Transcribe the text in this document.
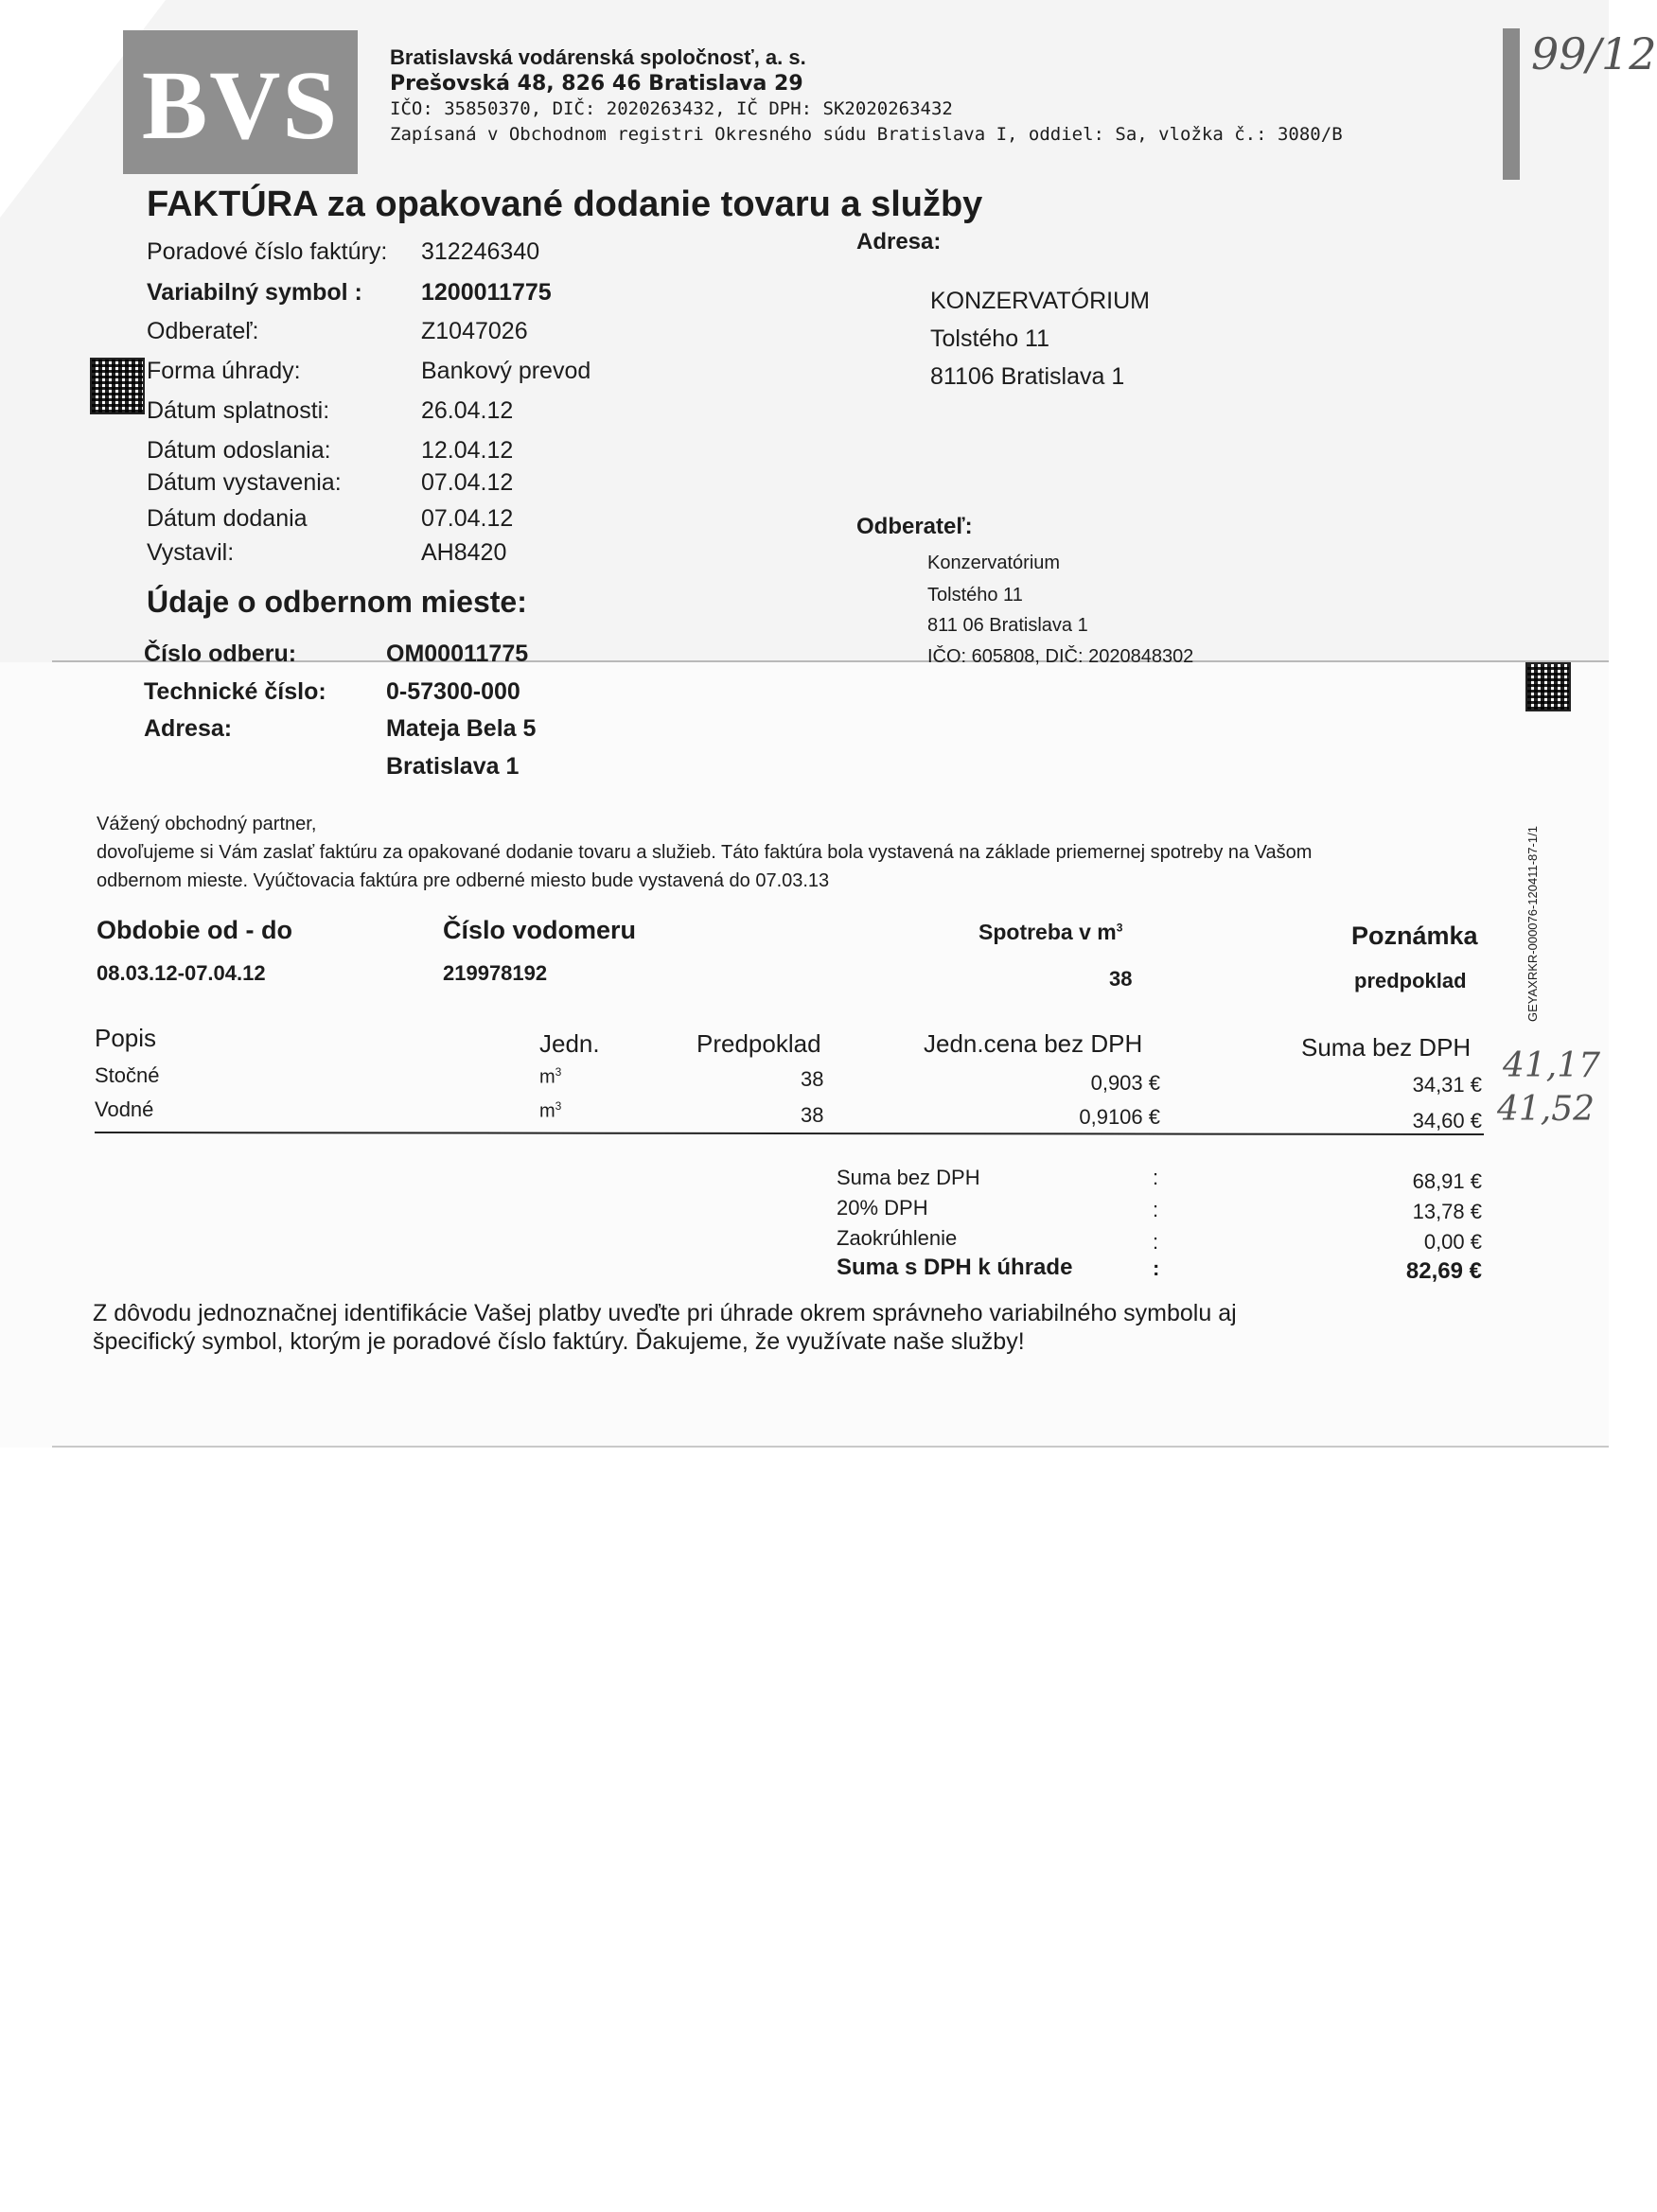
BVS	Bratislavská vodárenská spoločnosť, a. s.
Prešovská 48, 826 46 Bratislava 29
IČO: 35850370, DIČ: 2020263432, IČ DPH: SK2020263432
Zapísaná v Obchodnom registri Okresného súdu Bratislava I, oddiel: Sa, vložka č.: 3080/B
99/12
FAKTÚRA za opakované dodanie tovaru a služby
Poradové číslo faktúry: 312246340
Variabilný symbol : 1200011775
Odberateľ:	Z1047026
Forma úhrady:	Bankový prevod
Dátum splatnosti:	26.04.12
Dátum odoslania:	12.04.12
Dátum vystavenia:	07.04.12
Dátum dodania	07.04.12
Vystavil:	AH8420
Adresa:
KONZERVATÓRIUM
Tolstého 11
81106 Bratislava 1
Odberateľ:
Konzervatórium
Tolstého 11
811 06 Bratislava 1
IČO: 605808, DIČ: 2020848302
Údaje o odbernom mieste:
Číslo odberu:	OM00011775
Technické číslo:	0-57300-000
Adresa:	Mateja Bela 5
Bratislava 1
GEYAXRKR-000076-120411-87-1/1
Vážený obchodný partner,
dovoľujeme si Vám zaslať faktúru za opakované dodanie tovaru a služieb. Táto faktúra bola vystavená na základe priemernej spotreby na Vašom
odbernom mieste. Vyúčtovacia faktúra pre odberné miesto bude vystavená do 07.03.13
Obdobie od - do	Číslo vodomeru	Spotreba v $m^3$	Poznámka
08.03.12-07.04.12	219978192	38	predpoklad
Popis	Jedn.	Predpoklad	Jedn.cena bez DPH	Suma bez DPH
Stočné	$m^3$	38	0,903 €	34,31 €
Vodné	$m^3$	38	0,9106 €	34,60 €
41,17
41,52
Suma bez DPH	:	68,91 €
20% DPH	:	13,78 €
Zaokrúhlenie	:	0,00 €
Suma s DPH k úhrade	:	82,69 €
Z dôvodu jednoznačnej identifikácie Vašej platby uveďte pri úhrade okrem správneho variabilného symbolu aj
špecifický symbol, ktorým je poradové číslo faktúry. Ďakujeme, že využívate naše služby!
